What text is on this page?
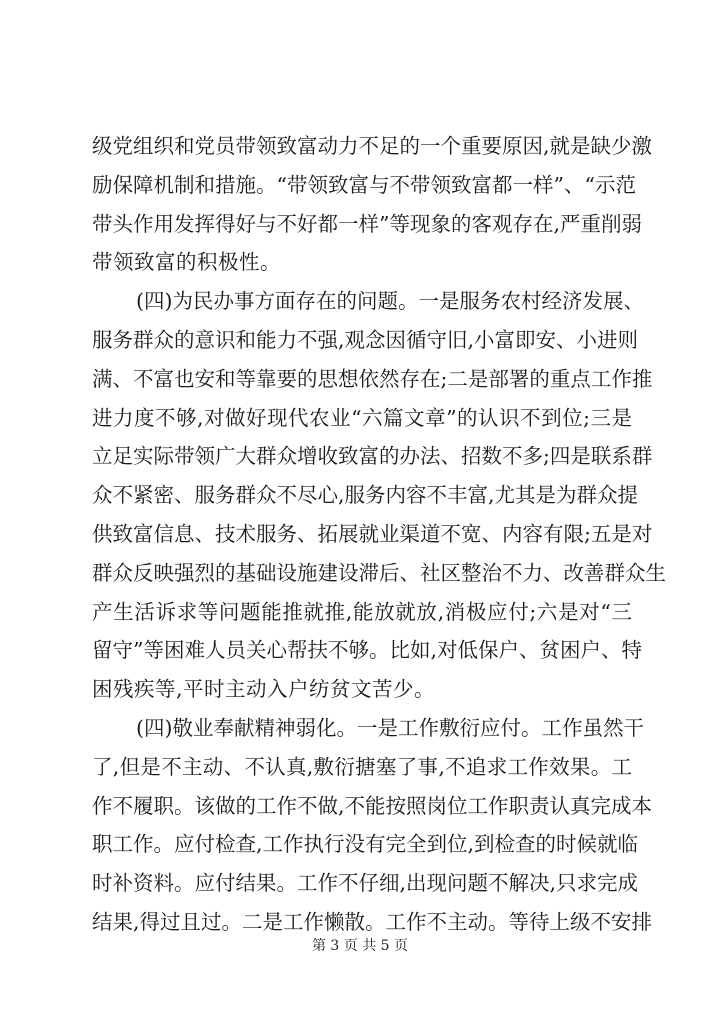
级党组织和党员带领致富动力不足的一个重要原因,就是缺少激
励保障机制和措施。“带领致富与不带领致富都一样”、“示范
带头作用发挥得好与不好都一样”等现象的客观存在,严重削弱
带领致富的积极性。
(四)为民办事方面存在的问题。一是服务农村经济发展、
服务群众的意识和能力不强,观念因循守旧,小富即安、小进则
满、不富也安和等靠要的思想依然存在;二是部署的重点工作推
进力度不够,对做好现代农业“六篇文章”的认识不到位;三是
立足实际带领广大群众增收致富的办法、招数不多;四是联系群
众不紧密、服务群众不尽心,服务内容不丰富,尤其是为群众提
供致富信息、技术服务、拓展就业渠道不宽、内容有限;五是对
群众反映强烈的基础设施建设滞后、社区整治不力、改善群众生
产生活诉求等问题能推就推,能放就放,消极应付;六是对“三
留守”等困难人员关心帮扶不够。比如,对低保户、贫困户、特
困残疾等,平时主动入户纺贫文苦少。
(四)敬业奉献精神弱化。一是工作敷衍应付。工作虽然干
了,但是不主动、不认真,敷衍搪塞了事,不追求工作效果。工
作不履职。该做的工作不做,不能按照岗位工作职责认真完成本
职工作。应付检查,工作执行没有完全到位,到检查的时候就临
时补资料。应付结果。工作不仔细,出现问题不解决,只求完成
结果,得过且过。二是工作懒散。工作不主动。等待上级不安排
第 3 页 共 5 页
